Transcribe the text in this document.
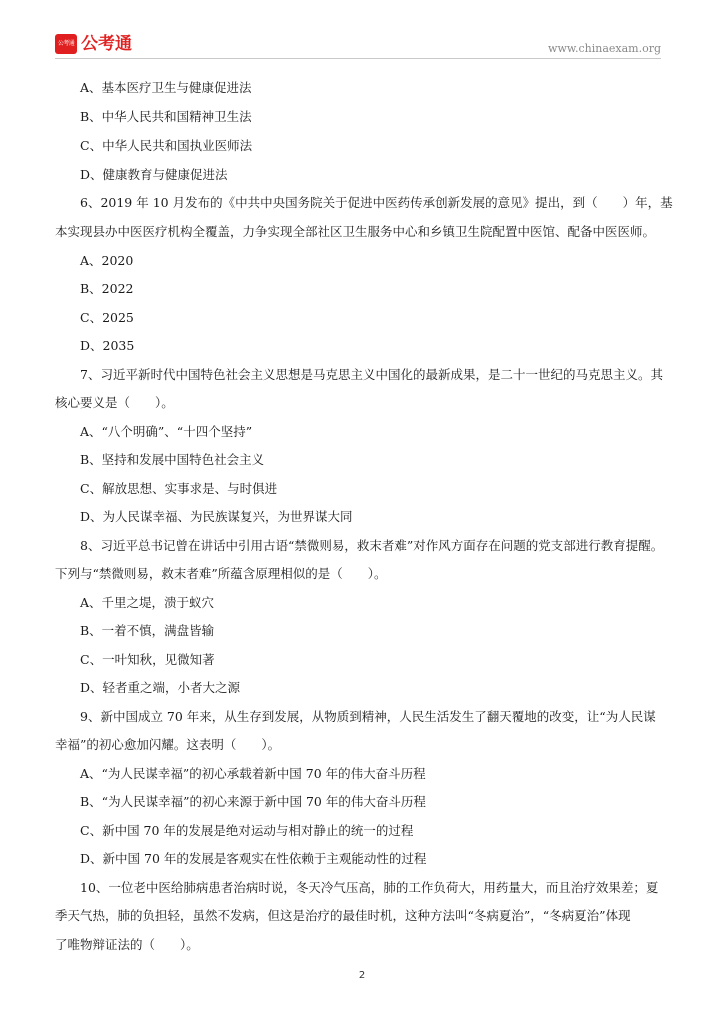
公考通 公考通	www.chinaexam.org
A、基本医疗卫生与健康促进法
B、中华人民共和国精神卫生法
C、中华人民共和国执业医师法
D、健康教育与健康促进法
6、2019 年 10 月发布的《中共中央国务院关于促进中医药传承创新发展的意见》提出，到（　　）年，基
本实现县办中医医疗机构全覆盖，力争实现全部社区卫生服务中心和乡镇卫生院配置中医馆、配备中医医师。
A、2020
B、2022
C、2025
D、2035
7、习近平新时代中国特色社会主义思想是马克思主义中国化的最新成果，是二十一世纪的马克思主义。其
核心要义是（　　）。
A、“八个明确”、“十四个坚持”
B、坚持和发展中国特色社会主义
C、解放思想、实事求是、与时俱进
D、为人民谋幸福、为民族谋复兴，为世界谋大同
8、习近平总书记曾在讲话中引用古语“禁微则易，救末者难”对作风方面存在问题的党支部进行教育提醒。
下列与“禁微则易，救末者难”所蕴含原理相似的是（　　）。
A、千里之堤，溃于蚁穴
B、一着不慎，满盘皆输
C、一叶知秋，见微知著
D、轻者重之端，小者大之源
9、新中国成立 70 年来，从生存到发展，从物质到精神，人民生活发生了翻天覆地的改变，让“为人民谋
幸福”的初心愈加闪耀。这表明（　　）。
A、“为人民谋幸福”的初心承载着新中国 70 年的伟大奋斗历程
B、“为人民谋幸福”的初心来源于新中国 70 年的伟大奋斗历程
C、新中国 70 年的发展是绝对运动与相对静止的统一的过程
D、新中国 70 年的发展是客观实在性依赖于主观能动性的过程
10、一位老中医给肺病患者治病时说，冬天冷气压高，肺的工作负荷大，用药量大，而且治疗效果差；夏
季天气热，肺的负担轻，虽然不发病，但这是治疗的最佳时机，这种方法叫“冬病夏治”，“冬病夏治”体现
了唯物辩证法的（　　）。
2
